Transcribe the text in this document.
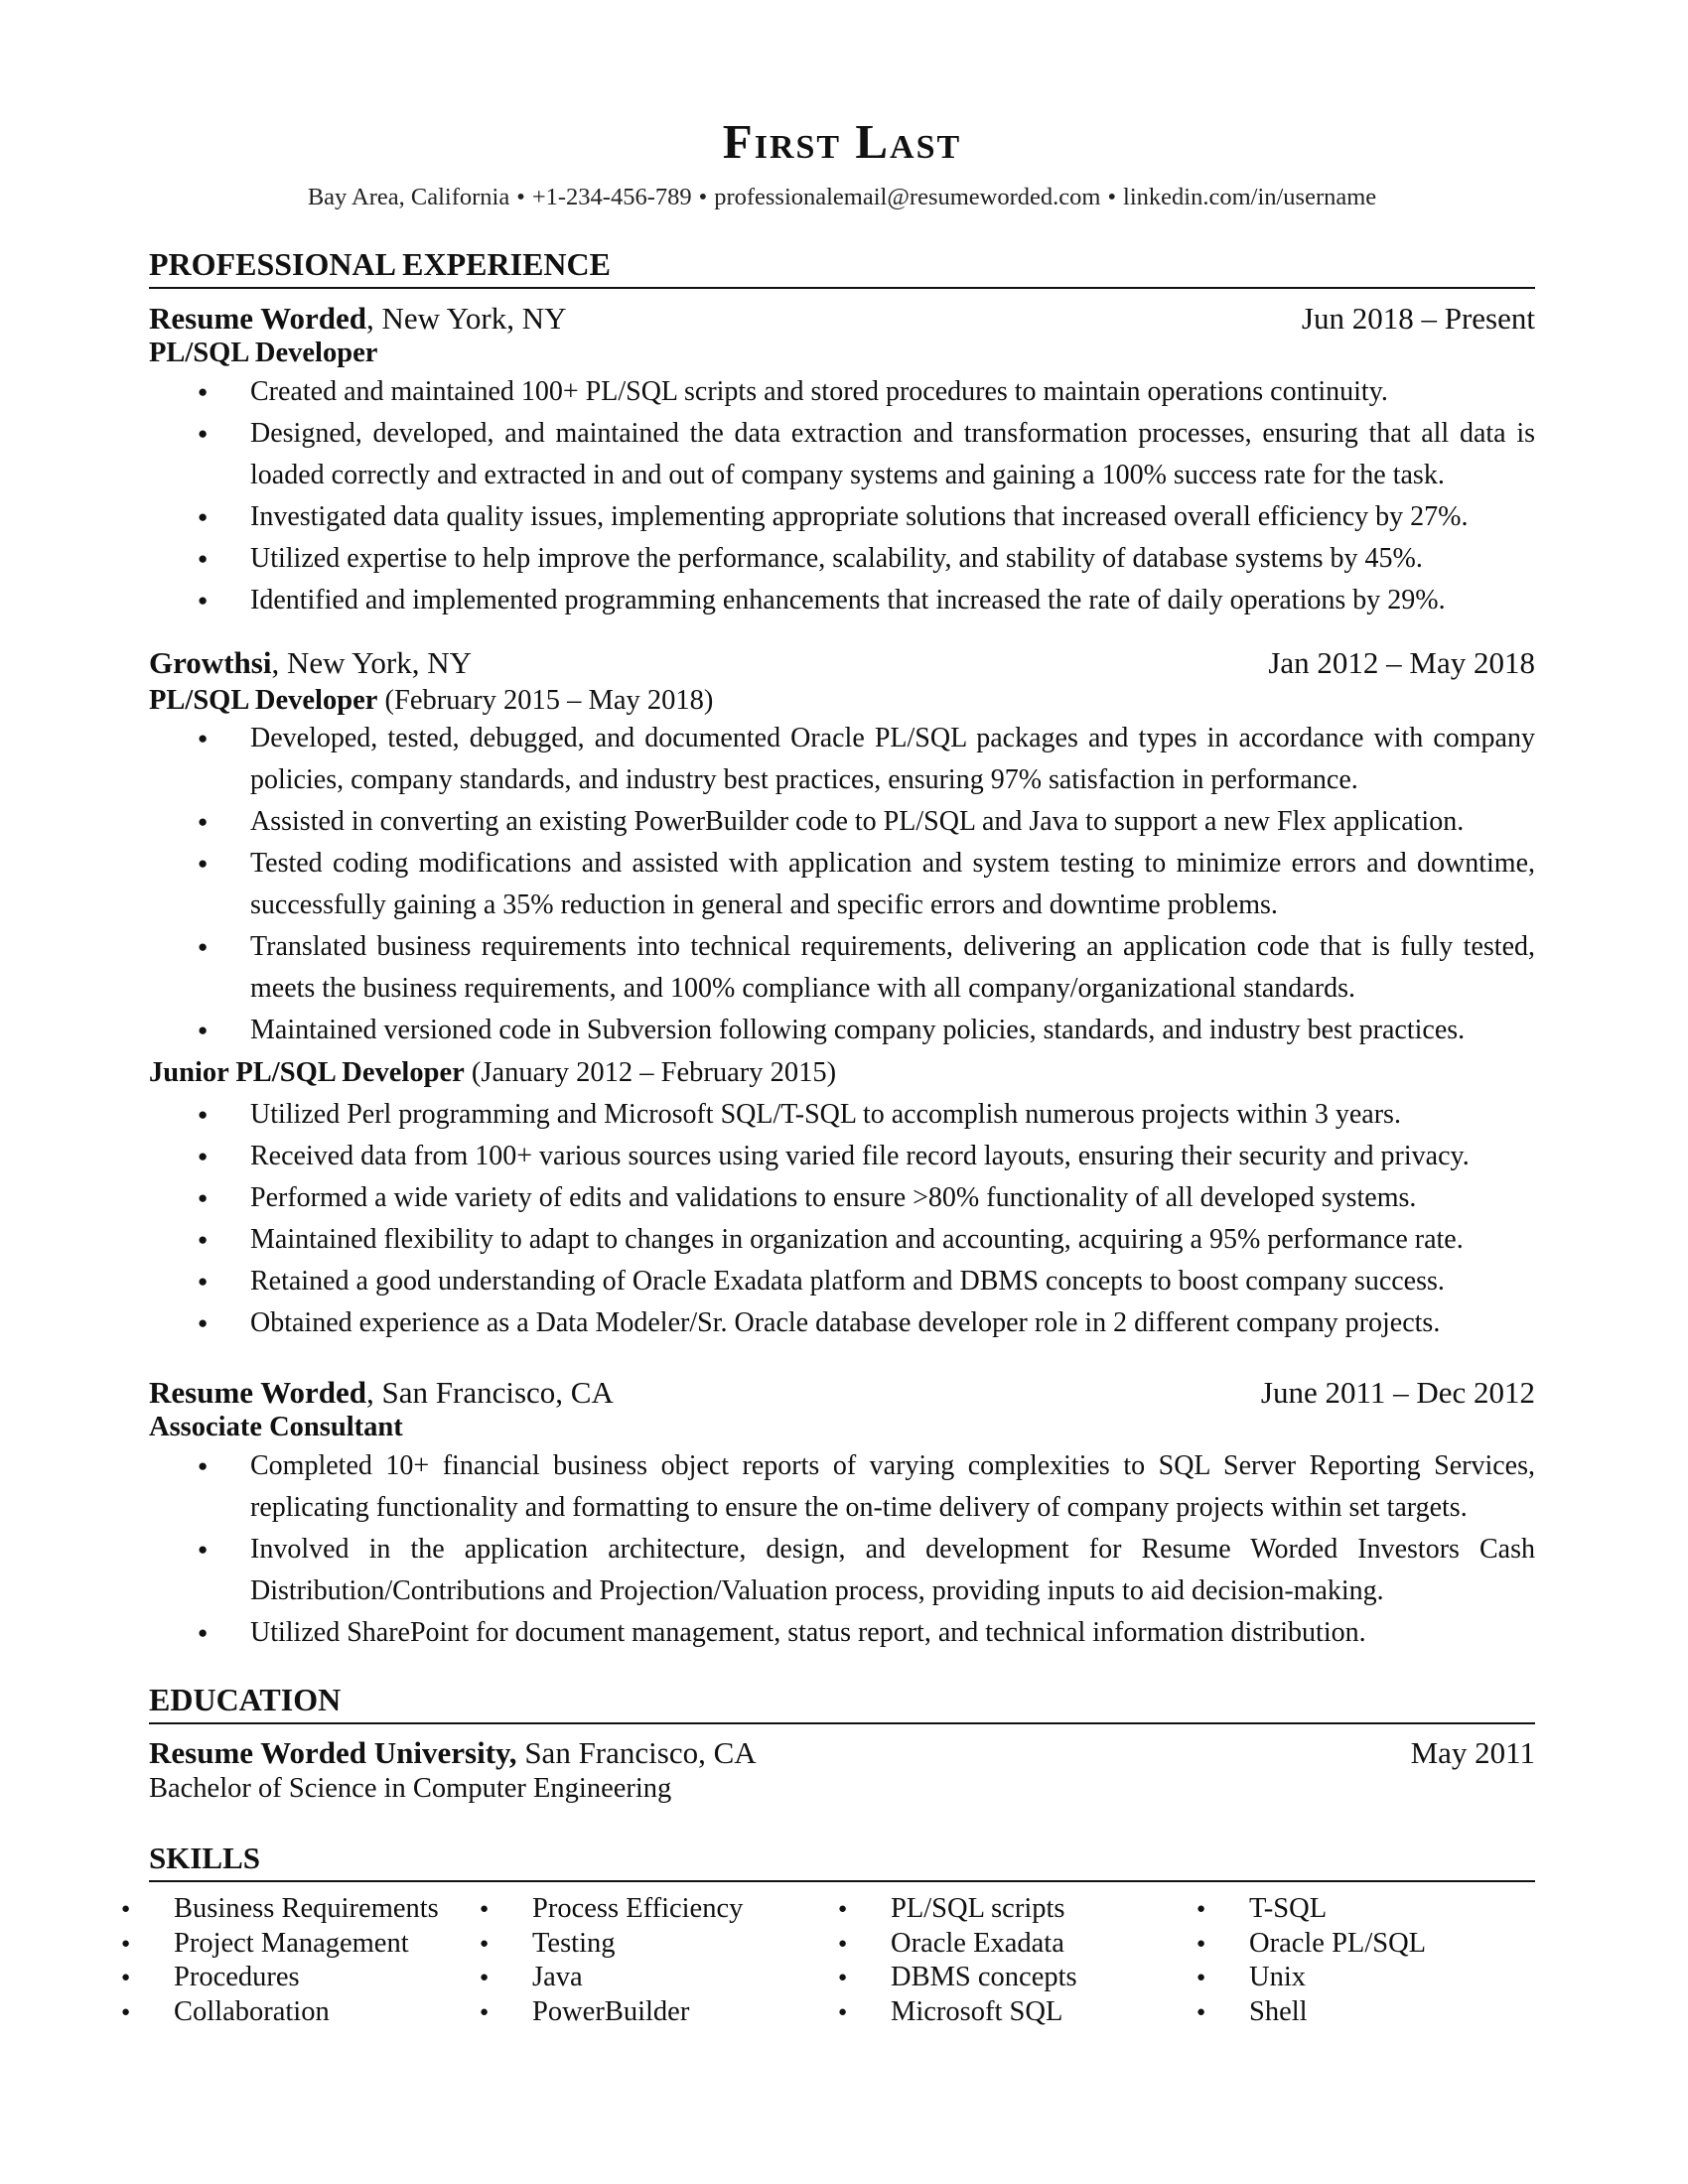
First Last
Bay Area, California • +1-234-456-789 • professionalemail@resumeworded.com • linkedin.com/in/username
PROFESSIONAL EXPERIENCE
Resume Worded, New York, NY	Jun 2018 – Present
PL/SQL Developer
● Created and maintained 100+ PL/SQL scripts and stored procedures to maintain operations continuity.
● Designed, developed, and maintained the data extraction and transformation processes, ensuring that all data is loaded correctly and extracted in and out of company systems and gaining a 100% success rate for the task.
● Investigated data quality issues, implementing appropriate solutions that increased overall efficiency by 27%.
● Utilized expertise to help improve the performance, scalability, and stability of database systems by 45%.
● Identified and implemented programming enhancements that increased the rate of daily operations by 29%.
Growthsi, New York, NY	Jan 2012 – May 2018
PL/SQL Developer (February 2015 – May 2018)
● Developed, tested, debugged, and documented Oracle PL/SQL packages and types in accordance with company policies, company standards, and industry best practices, ensuring 97% satisfaction in performance.
● Assisted in converting an existing PowerBuilder code to PL/SQL and Java to support a new Flex application.
● Tested coding modifications and assisted with application and system testing to minimize errors and downtime, successfully gaining a 35% reduction in general and specific errors and downtime problems.
● Translated business requirements into technical requirements, delivering an application code that is fully tested, meets the business requirements, and 100% compliance with all company/organizational standards.
● Maintained versioned code in Subversion following company policies, standards, and industry best practices.
Junior PL/SQL Developer (January 2012 – February 2015)
● Utilized Perl programming and Microsoft SQL/T-SQL to accomplish numerous projects within 3 years.
● Received data from 100+ various sources using varied file record layouts, ensuring their security and privacy.
● Performed a wide variety of edits and validations to ensure >80% functionality of all developed systems.
● Maintained flexibility to adapt to changes in organization and accounting, acquiring a 95% performance rate.
● Retained a good understanding of Oracle Exadata platform and DBMS concepts to boost company success.
● Obtained experience as a Data Modeler/Sr. Oracle database developer role in 2 different company projects.
Resume Worded, San Francisco, CA	June 2011 – Dec 2012
Associate Consultant
● Completed 10+ financial business object reports of varying complexities to SQL Server Reporting Services, replicating functionality and formatting to ensure the on-time delivery of company projects within set targets.
● Involved in the application architecture, design, and development for Resume Worded Investors Cash Distribution/Contributions and Projection/Valuation process, providing inputs to aid decision-making.
● Utilized SharePoint for document management, status report, and technical information distribution.
EDUCATION
Resume Worded University, San Francisco, CA	May 2011
Bachelor of Science in Computer Engineering
SKILLS
● Business Requirements	● Process Efficiency	● PL/SQL scripts	● T-SQL
● Project Management	● Testing	● Oracle Exadata	● Oracle PL/SQL
● Procedures	● Java	● DBMS concepts	● Unix
● Collaboration	● PowerBuilder	● Microsoft SQL	● Shell
